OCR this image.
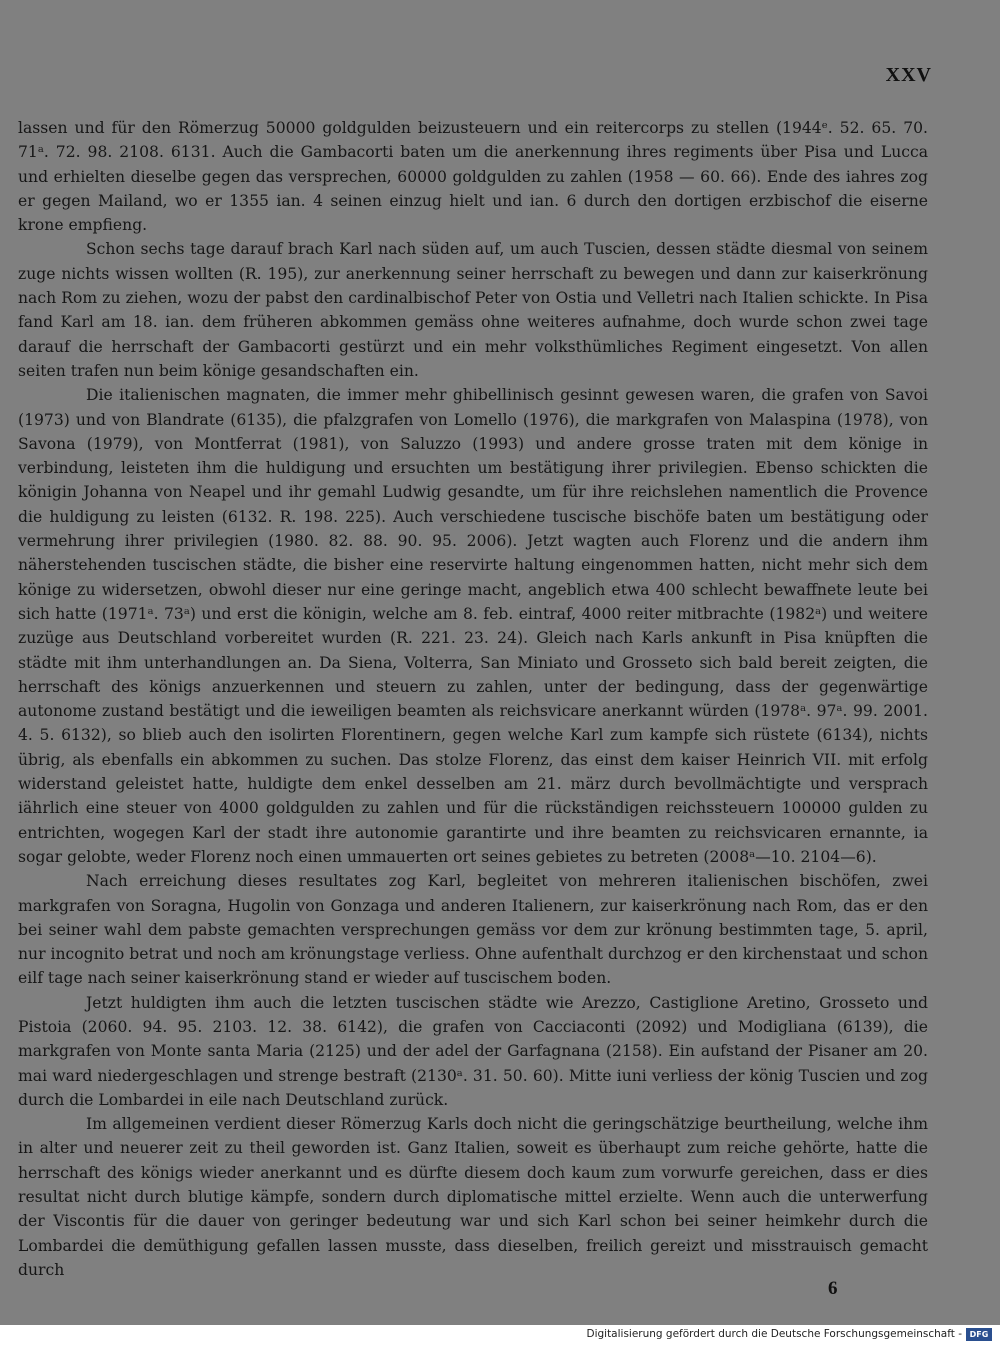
XXV

lassen und für den Römerzug 50000 goldgulden beizusteuern und ein reitercorps zu stellen (1944ᵉ. 52. 65. 70. 71ᵃ. 72. 98. 2108. 6131. Auch die Gambacorti baten um die anerkennung ihres regiments über Pisa und Lucca und erhielten dieselbe gegen das versprechen, 60000 goldgulden zu zahlen (1958 — 60. 66). Ende des iahres zog er gegen Mailand, wo er 1355 ian. 4 seinen einzug hielt und ian. 6 durch den dortigen erzbischof die eiserne krone empfieng.

Schon sechs tage darauf brach Karl nach süden auf, um auch Tuscien, dessen städte diesmal von seinem zuge nichts wissen wollten (R. 195), zur anerkennung seiner herrschaft zu bewegen und dann zur kaiserkrönung nach Rom zu ziehen, wozu der pabst den cardinalbischof Peter von Ostia und Velletri nach Italien schickte. In Pisa fand Karl am 18. ian. dem früheren abkommen gemäss ohne weiteres aufnahme, doch wurde schon zwei tage darauf die herrschaft der Gambacorti gestürzt und ein mehr volksthümliches Regiment eingesetzt. Von allen seiten trafen nun beim könige gesandschaften ein.

Die italienischen magnaten, die immer mehr ghibellinisch gesinnt gewesen waren, die grafen von Savoi (1973) und von Blandrate (6135), die pfalzgrafen von Lomello (1976), die markgrafen von Malaspina (1978), von Savona (1979), von Montferrat (1981), von Saluzzo (1993) und andere grosse traten mit dem könige in verbindung, leisteten ihm die huldigung und ersuchten um bestätigung ihrer privilegien. Ebenso schickten die königin Johanna von Neapel und ihr gemahl Ludwig gesandte, um für ihre reichslehen namentlich die Provence die huldigung zu leisten (6132. R. 198. 225). Auch verschiedene tuscische bischöfe baten um bestätigung oder vermehrung ihrer privilegien (1980. 82. 88. 90. 95. 2006). Jetzt wagten auch Florenz und die andern ihm näherstehenden tuscischen städte, die bisher eine reservirte haltung eingenommen hatten, nicht mehr sich dem könige zu widersetzen, obwohl dieser nur eine geringe macht, angeblich etwa 400 schlecht bewaffnete leute bei sich hatte (1971ᵃ. 73ᵃ) und erst die königin, welche am 8. feb. eintraf, 4000 reiter mitbrachte (1982ᵃ) und weitere zuzüge aus Deutschland vorbereitet wurden (R. 221. 23. 24). Gleich nach Karls ankunft in Pisa knüpften die städte mit ihm unterhandlungen an. Da Siena, Volterra, San Miniato und Grosseto sich bald bereit zeigten, die herrschaft des königs anzuerkennen und steuern zu zahlen, unter der bedingung, dass der gegenwärtige autonome zustand bestätigt und die ieweiligen beamten als reichsvicare anerkannt würden (1978ᵃ. 97ᵃ. 99. 2001. 4. 5. 6132), so blieb auch den isolirten Florentinern, gegen welche Karl zum kampfe sich rüstete (6134), nichts übrig, als ebenfalls ein abkommen zu suchen. Das stolze Florenz, das einst dem kaiser Heinrich VII. mit erfolg widerstand geleistet hatte, huldigte dem enkel desselben am 21. märz durch bevollmächtigte und versprach iährlich eine steuer von 4000 goldgulden zu zahlen und für die rückständigen reichssteuern 100000 gulden zu entrichten, wogegen Karl der stadt ihre autonomie garantirte und ihre beamten zu reichsvicaren ernannte, ia sogar gelobte, weder Florenz noch einen ummauerten ort seines gebietes zu betreten (2008ᵃ—10. 2104—6).

Nach erreichung dieses resultates zog Karl, begleitet von mehreren italienischen bischöfen, zwei markgrafen von Soragna, Hugolin von Gonzaga und anderen Italienern, zur kaiserkrönung nach Rom, das er den bei seiner wahl dem pabste gemachten versprechungen gemäss vor dem zur krönung bestimmten tage, 5. april, nur incognito betrat und noch am krönungstage verliess. Ohne aufenthalt durchzog er den kirchenstaat und schon eilf tage nach seiner kaiserkrönung stand er wieder auf tuscischem boden.

Jetzt huldigten ihm auch die letzten tuscischen städte wie Arezzo, Castiglione Aretino, Grosseto und Pistoia (2060. 94. 95. 2103. 12. 38. 6142), die grafen von Cacciaconti (2092) und Modigliana (6139), die markgrafen von Monte santa Maria (2125) und der adel der Garfagnana (2158). Ein aufstand der Pisaner am 20. mai ward niedergeschlagen und strenge bestraft (2130ᵃ. 31. 50. 60). Mitte iuni verliess der könig Tuscien und zog durch die Lombardei in eile nach Deutschland zurück.

Im allgemeinen verdient dieser Römerzug Karls doch nicht die geringschätzige beurtheilung, welche ihm in alter und neuerer zeit zu theil geworden ist. Ganz Italien, soweit es überhaupt zum reiche gehörte, hatte die herrschaft des königs wieder anerkannt und es dürfte diesem doch kaum zum vorwurfe gereichen, dass er dies resultat nicht durch blutige kämpfe, sondern durch diplomatische mittel erzielte. Wenn auch die unterwerfung der Viscontis für die dauer von geringer bedeutung war und sich Karl schon bei seiner heimkehr durch die Lombardei die demüthigung gefallen lassen musste, dass dieselben, freilich gereizt und misstrauisch gemacht durch

6
Digitalisierung gefördert durch die Deutsche Forschungsgemeinschaft - DFG
